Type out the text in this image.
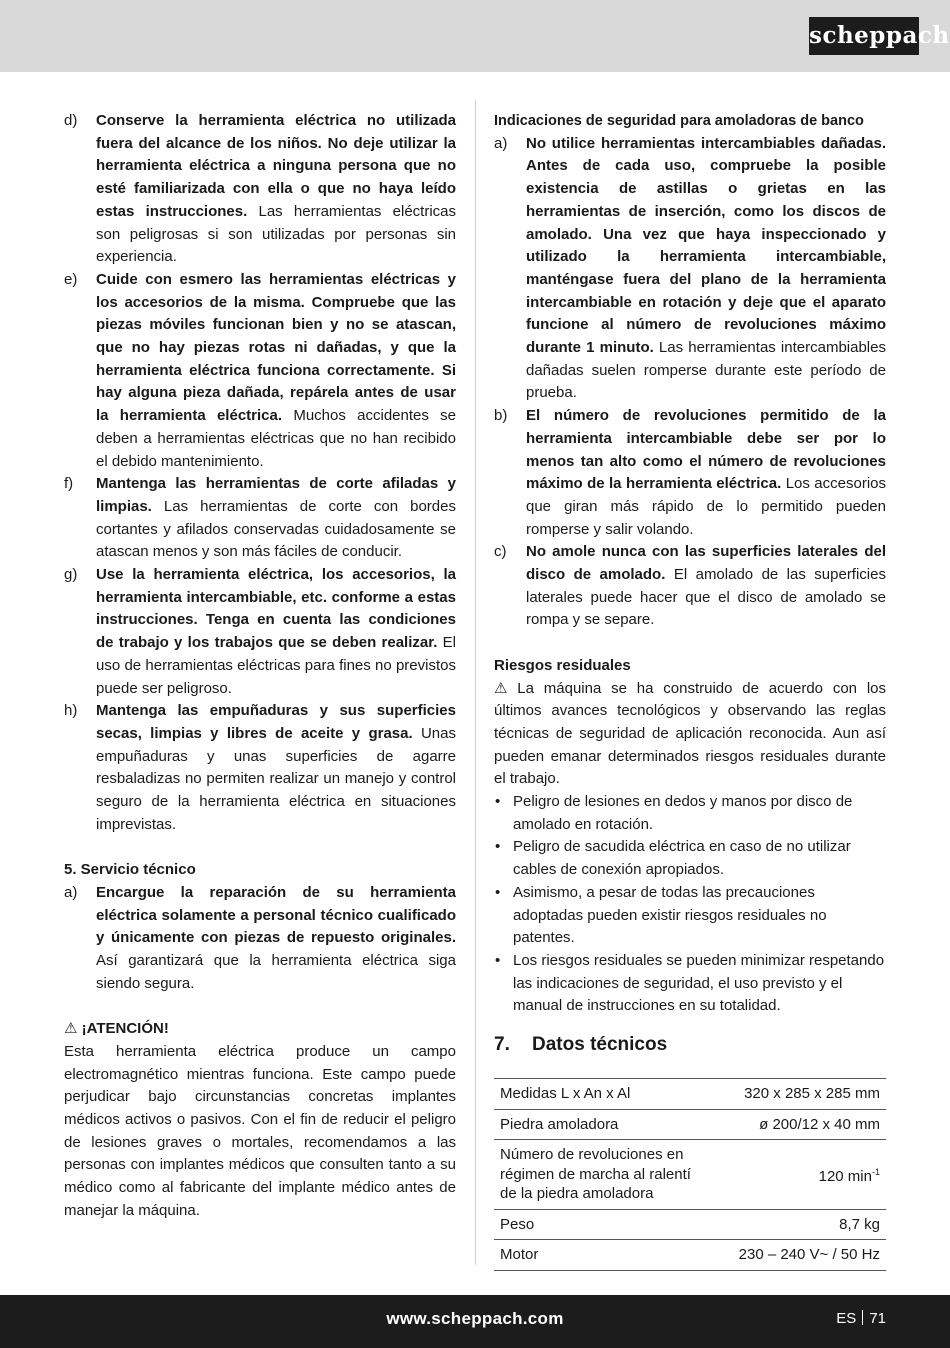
scheppach
d) Conserve la herramienta eléctrica no utilizada fuera del alcance de los niños. No deje utilizar la herramienta eléctrica a ninguna persona que no esté familiarizada con ella o que no haya leído estas instrucciones. Las herramientas eléctricas son peligrosas si son utilizadas por personas sin experiencia.
e) Cuide con esmero las herramientas eléctricas y los accesorios de la misma. Compruebe que las piezas móviles funcionan bien y no se atascan, que no hay piezas rotas ni dañadas, y que la herramienta eléctrica funciona correctamente. Si hay alguna pieza dañada, repárela antes de usar la herramienta eléctrica. Muchos accidentes se deben a herramientas eléctricas que no han recibido el debido mantenimiento.
f) Mantenga las herramientas de corte afiladas y limpias. Las herramientas de corte con bordes cortantes y afilados conservadas cuidadosamente se atascan menos y son más fáciles de conducir.
g) Use la herramienta eléctrica, los accesorios, la herramienta intercambiable, etc. conforme a estas instrucciones. Tenga en cuenta las condiciones de trabajo y los trabajos que se deben realizar. El uso de herramientas eléctricas para fines no previstos puede ser peligroso.
h) Mantenga las empuñaduras y sus superficies secas, limpias y libres de aceite y grasa. Unas empuñaduras y unas superficies de agarre resbaladizas no permiten realizar un manejo y control seguro de la herramienta eléctrica en situaciones imprevistas.
5. Servicio técnico
a) Encargue la reparación de su herramienta eléctrica solamente a personal técnico cualificado y únicamente con piezas de repuesto originales. Así garantizará que la herramienta eléctrica siga siendo segura.
⚠ ¡ATENCIÓN!
Esta herramienta eléctrica produce un campo electromagnético mientras funciona. Este campo puede perjudicar bajo circunstancias concretas implantes médicos activos o pasivos. Con el fin de reducir el peligro de lesiones graves o mortales, recomendamos a las personas con implantes médicos que consulten tanto a su médico como al fabricante del implante médico antes de manejar la máquina.
Indicaciones de seguridad para amoladoras de banco
a) No utilice herramientas intercambiables dañadas. Antes de cada uso, compruebe la posible existencia de astillas o grietas en las herramientas de inserción, como los discos de amolado. Una vez que haya inspeccionado y utilizado la herramienta intercambiable, manténgase fuera del plano de la herramienta intercambiable en rotación y deje que el aparato funcione al número de revoluciones máximo durante 1 minuto. Las herramientas intercambiables dañadas suelen romperse durante este período de prueba.
b) El número de revoluciones permitido de la herramienta intercambiable debe ser por lo menos tan alto como el número de revoluciones máximo de la herramienta eléctrica. Los accesorios que giran más rápido de lo permitido pueden romperse y salir volando.
c) No amole nunca con las superficies laterales del disco de amolado. El amolado de las superficies laterales puede hacer que el disco de amolado se rompa y se separe.
Riesgos residuales
⚠ La máquina se ha construido de acuerdo con los últimos avances tecnológicos y observando las reglas técnicas de seguridad de aplicación reconocida. Aun así pueden emanar determinados riesgos residuales durante el trabajo.
• Peligro de lesiones en dedos y manos por disco de amolado en rotación.
• Peligro de sacudida eléctrica en caso de no utilizar cables de conexión apropiados.
• Asimismo, a pesar de todas las precauciones adoptadas pueden existir riesgos residuales no patentes.
• Los riesgos residuales se pueden minimizar respetando las indicaciones de seguridad, el uso previsto y el manual de instrucciones en su totalidad.
7. Datos técnicos
Medidas L x An x Al	320 x 285 x 285 mm
Piedra amoladora	ø 200/12 x 40 mm
Número de revoluciones en régimen de marcha al ralentí de la piedra amoladora	120 $\min^{-1}$
Peso	8,7 kg
Motor	230 – 240 V~ / 50 Hz
www.scheppach.com	ES 71
